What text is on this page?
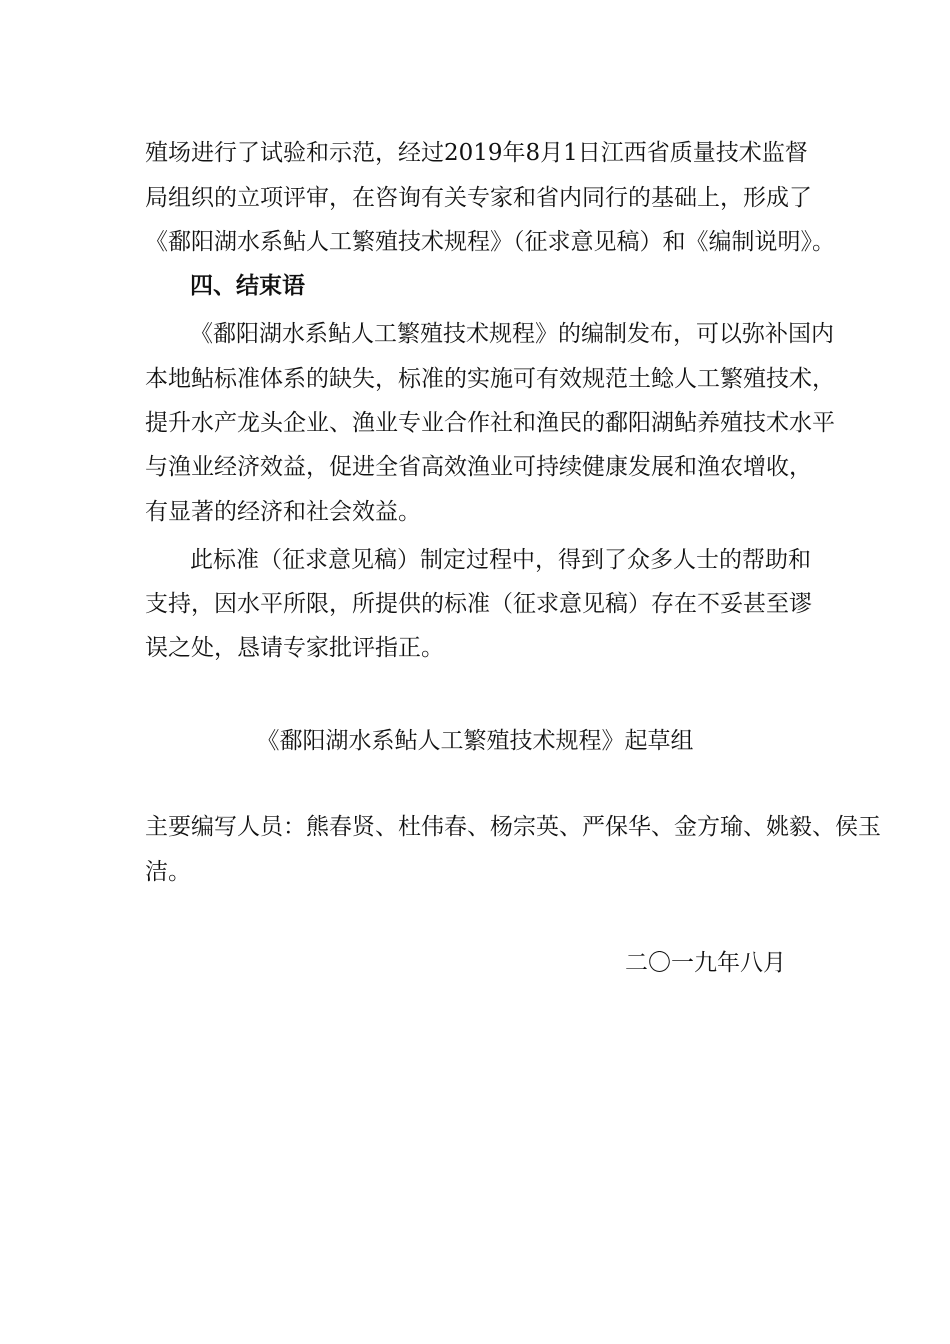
殖场进行了试验和示范，经过2019年8月1日江西省质量技术监督
局组织的立项评审，在咨询有关专家和省内同行的基础上，形成了
《鄱阳湖水系鲇人工繁殖技术规程》（征求意见稿）和《编制说明》。
四、结束语
《鄱阳湖水系鲇人工繁殖技术规程》的编制发布，可以弥补国内
本地鲇标准体系的缺失，标准的实施可有效规范土鲶人工繁殖技术，
提升水产龙头企业、渔业专业合作社和渔民的鄱阳湖鲇养殖技术水平
与渔业经济效益，促进全省高效渔业可持续健康发展和渔农增收，
有显著的经济和社会效益。
此标准（征求意见稿）制定过程中，得到了众多人士的帮助和
支持，因水平所限，所提供的标准（征求意见稿）存在不妥甚至谬
误之处，恳请专家批评指正。
《鄱阳湖水系鲇人工繁殖技术规程》起草组
主要编写人员：熊春贤、杜伟春、杨宗英、严保华、金方瑜、姚毅、侯玉
洁。
二〇一九年八月
